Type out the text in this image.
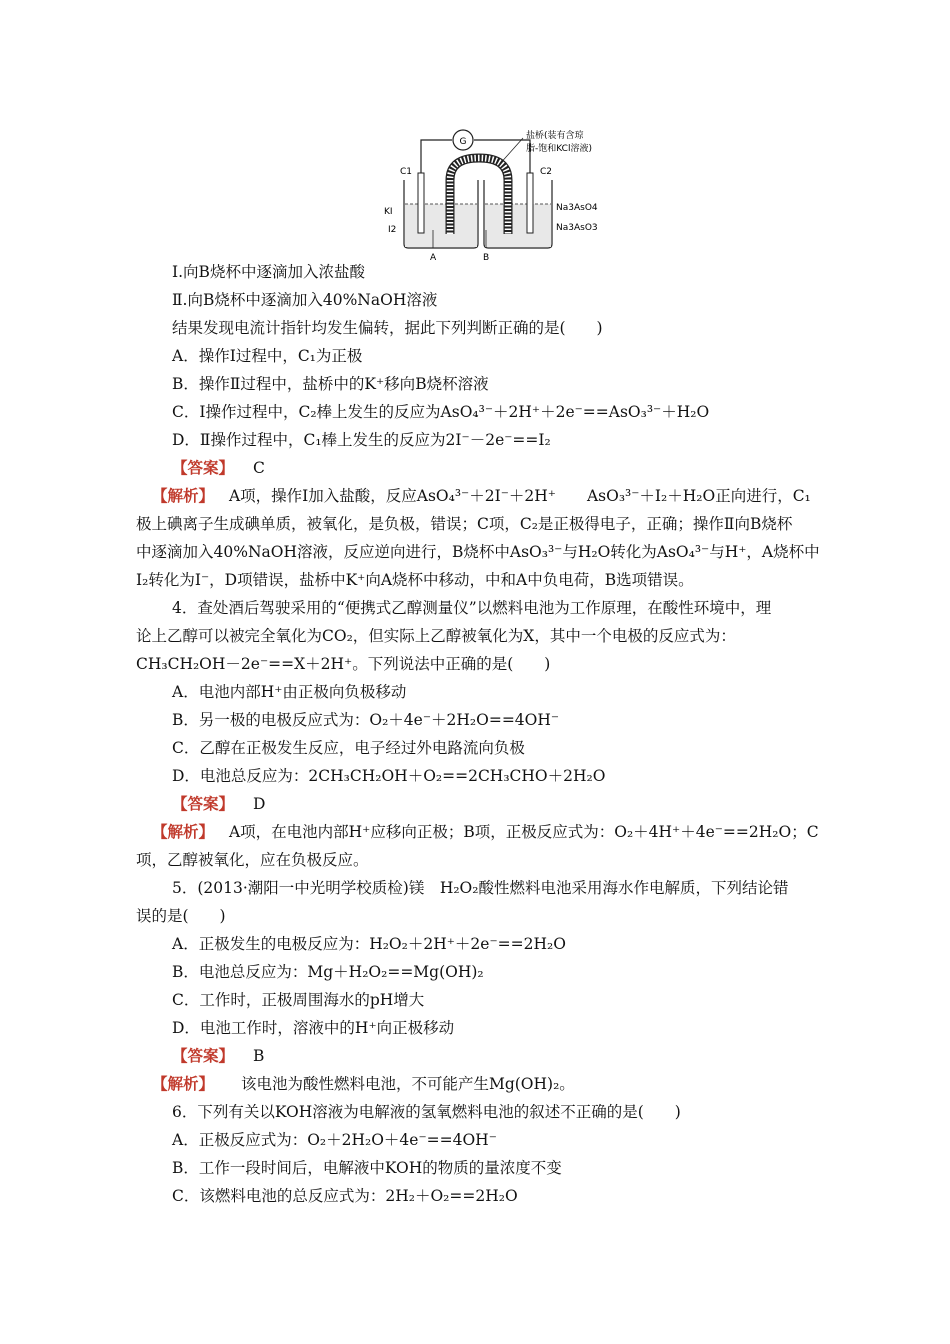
G
盐桥(装有含琼
脂-饱和KCl溶液)
C1	C2
KI
I2
Na3AsO4
Na3AsO3
A	B
Ⅰ.向B烧杯中逐滴加入浓盐酸
Ⅱ.向B烧杯中逐滴加入40%NaOH溶液
结果发现电流计指针均发生偏转，据此下列判断正确的是(　　)
A．操作Ⅰ过程中，C₁为正极
B．操作Ⅱ过程中，盐桥中的K⁺移向B烧杯溶液
C．Ⅰ操作过程中，C₂棒上发生的反应为AsO₄³⁻＋2H⁺＋2e⁻==AsO₃³⁻＋H₂O
D．Ⅱ操作过程中，C₁棒上发生的反应为2I⁻－2e⁻==I₂
【答案】 C
【解析】 A项，操作Ⅰ加入盐酸，反应AsO₄³⁻＋2I⁻＋2H⁺　　AsO₃³⁻＋I₂＋H₂O正向进行，C₁
极上碘离子生成碘单质，被氧化，是负极，错误；C项，C₂是正极得电子，正确；操作Ⅱ向B烧杯
中逐滴加入40%NaOH溶液，反应逆向进行，B烧杯中AsO₃³⁻与H₂O转化为AsO₄³⁻与H⁺，A烧杯中
I₂转化为I⁻，D项错误，盐桥中K⁺向A烧杯中移动，中和A中负电荷，B选项错误。
4．查处酒后驾驶采用的“便携式乙醇测量仪”以燃料电池为工作原理，在酸性环境中，理
论上乙醇可以被完全氧化为CO₂，但实际上乙醇被氧化为X，其中一个电极的反应式为：
CH₃CH₂OH－2e⁻==X＋2H⁺。下列说法中正确的是(　　)
A．电池内部H⁺由正极向负极移动
B．另一极的电极反应式为：O₂＋4e⁻＋2H₂O==4OH⁻
C．乙醇在正极发生反应，电子经过外电路流向负极
D．电池总反应为：2CH₃CH₂OH＋O₂==2CH₃CHO＋2H₂O
【答案】 D
【解析】 A项，在电池内部H⁺应移向正极；B项，正极反应式为：O₂＋4H⁺＋4e⁻==2H₂O；C
项，乙醇被氧化，应在负极反应。
5．(2013·潮阳一中光明学校质检)镁　H₂O₂酸性燃料电池采用海水作电解质，下列结论错
误的是(　　)
A．正极发生的电极反应为：H₂O₂＋2H⁺＋2e⁻==2H₂O
B．电池总反应为：Mg＋H₂O₂==Mg(OH)₂
C．工作时，正极周围海水的pH增大
D．电池工作时，溶液中的H⁺向正极移动
【答案】 B
【解析】 该电池为酸性燃料电池，不可能产生Mg(OH)₂。
6．下列有关以KOH溶液为电解液的氢氧燃料电池的叙述不正确的是(　　)
A．正极反应式为：O₂＋2H₂O＋4e⁻==4OH⁻
B．工作一段时间后，电解液中KOH的物质的量浓度不变
C．该燃料电池的总反应式为：2H₂＋O₂==2H₂O
